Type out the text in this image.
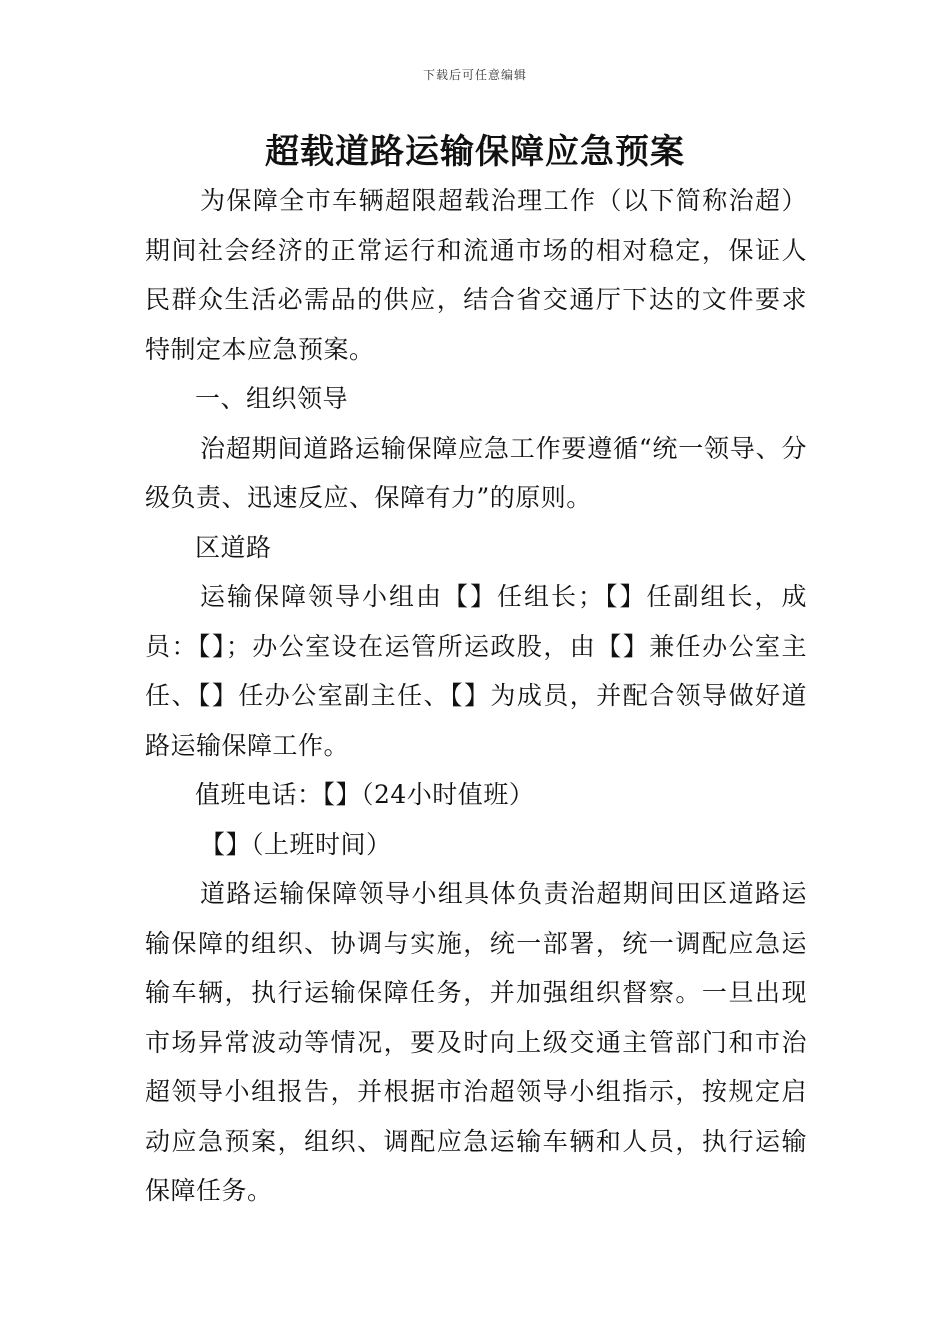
下载后可任意编辑
超载道路运输保障应急预案

为保障全市车辆超限超载治理工作（以下简称治超）期间社会经济的正常运行和流通市场的相对稳定，保证人民群众生活必需品的供应，结合省交通厅下达的文件要求特制定本应急预案。

一、组织领导

治超期间道路运输保障应急工作要遵循“统一领导、分级负责、迅速反应、保障有力”的原则。

区道路

运输保障领导小组由【】任组长；【】任副组长，成员：【】；办公室设在运管所运政股，由【】兼任办公室主任、【】任办公室副主任、【】为成员，并配合领导做好道路运输保障工作。

值班电话：【】（24小时值班）

【】（上班时间）

道路运输保障领导小组具体负责治超期间田区道路运输保障的组织、协调与实施，统一部署，统一调配应急运输车辆，执行运输保障任务，并加强组织督察。一旦出现市场异常波动等情况，要及时向上级交通主管部门和市治超领导小组报告，并根据市治超领导小组指示，按规定启动应急预案，组织、调配应急运输车辆和人员，执行运输保障任务。
